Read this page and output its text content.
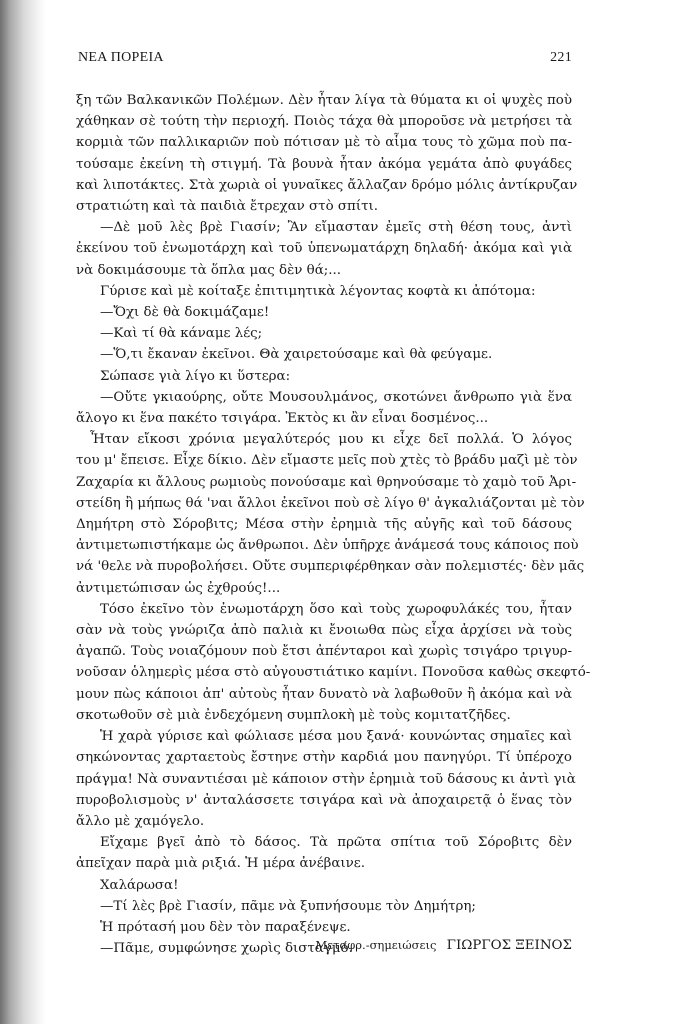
ΝΕΑ ΠΟΡΕΙΑ	221
ξη τῶν Βαλκανικῶν Πολέμων. Δὲν ἦταν λίγα τὰ θύματα κι οἱ ψυχὲς ποὺ
χάθηκαν σὲ τούτη τὴν περιοχή. Ποιὸς τάχα θὰ μποροῦσε νὰ μετρήσει τὰ
κορμιὰ τῶν παλλικαριῶν ποὺ πότισαν μὲ τὸ αἷμα τους τὸ χῶμα ποὺ πα-
τούσαμε ἐκείνη τὴ στιγμή. Τὰ βουνὰ ἦταν ἀκόμα γεμάτα ἀπὸ φυγάδες
καὶ λιποτάκτες. Στὰ χωριὰ οἱ γυναῖκες ἄλλαζαν δρόμο μόλις ἀντίκρυζαν
στρατιώτη καὶ τὰ παιδιὰ ἔτρεχαν στὸ σπίτι.
—Δὲ μοῦ λὲς βρὲ Γιασίν; Ἂν εἴμασταν ἐμεῖς στὴ θέση τους, ἀντὶ
ἐκείνου τοῦ ἐνωμοτάρχη καὶ τοῦ ὑπενωματάρχη δηλαδή· ἀκόμα καὶ γιὰ
νὰ δοκιμάσουμε τὰ ὅπλα μας δὲν θά;...
Γύρισε καὶ μὲ κοίταξε ἐπιτιμητικὰ λέγοντας κοφτὰ κι ἀπότομα:
—Ὄχι δὲ θὰ δοκιμάζαμε!
—Καὶ τί θὰ κάναμε λές;
—Ὅ,τι ἔκαναν ἐκεῖνοι. Θὰ χαιρετούσαμε καὶ θὰ φεύγαμε.
Σώπασε γιὰ λίγο κι ὕστερα:
—Οὔτε γκιαούρης, οὔτε Μουσουλμάνος, σκοτώνει ἄνθρωπο γιὰ ἕνα
ἄλογο κι ἕνα πακέτο τσιγάρα. Ἐκτὸς κι ἂν εἶναι δοσμένος...
Ἦταν εἴκοσι χρόνια μεγαλύτερός μου κι εἶχε δεῖ πολλά. Ὁ λόγος
του μ' ἔπεισε. Εἶχε δίκιο. Δὲν εἴμαστε μεῖς ποὺ χτὲς τὸ βράδυ μαζὶ μὲ τὸν
Ζαχαρία κι ἄλλους ρωμιοὺς πονούσαμε καὶ θρηνούσαμε τὸ χαμὸ τοῦ Ἀρι-
στείδη ἢ μήπως θά 'ναι ἄλλοι ἐκεῖνοι ποὺ σὲ λίγο θ' ἀγκαλιάζονται μὲ τὸν
Δημήτρη στὸ Σόροβιτς; Μέσα στὴν ἐρημιὰ τῆς αὐγῆς καὶ τοῦ δάσους
ἀντιμετωπιστήκαμε ὡς ἄνθρωποι. Δὲν ὑπῆρχε ἀνάμεσά τους κάποιος ποὺ
νά 'θελε νὰ πυροβολήσει. Οὔτε συμπεριφέρθηκαν σὰν πολεμιστές· δὲν μᾶς
ἀντιμετώπισαν ὡς ἐχθρούς!...
Τόσο ἐκεῖνο τὸν ἐνωμοτάρχη ὅσο καὶ τοὺς χωροφυλάκές του, ἦταν
σὰν νὰ τοὺς γνώριζα ἀπὸ παλιὰ κι ἔνοιωθα πὼς εἶχα ἀρχίσει νὰ τοὺς
ἀγαπῶ. Τοὺς νοιαζόμουν ποὺ ἔτσι ἀπένταροι καὶ χωρὶς τσιγάρο τριγυρ-
νοῦσαν ὁλημερὶς μέσα στὸ αὐγουστιάτικο καμίνι. Πονοῦσα καθὼς σκεφτό-
μουν πὼς κάποιοι ἀπ' αὐτοὺς ἦταν δυνατὸ νὰ λαβωθοῦν ἢ ἀκόμα καὶ νὰ
σκοτωθοῦν σὲ μιὰ ἐνδεχόμενη συμπλοκὴ μὲ τοὺς κομιτατζῆδες.
Ἡ χαρὰ γύρισε καὶ φώλιασε μέσα μου ξανά· κουνώντας σημαῖες καὶ
σηκώνοντας χαρταετοὺς ἔστηνε στὴν καρδιά μου πανηγύρι. Τί ὑπέροχο
πράγμα! Νὰ συναντιέσαι μὲ κάποιον στὴν ἐρημιὰ τοῦ δάσους κι ἀντὶ γιὰ
πυροβολισμοὺς ν' ἀνταλάσσετε τσιγάρα καὶ νὰ ἀποχαιρετᾷ ὁ ἕνας τὸν
ἄλλο μὲ χαμόγελο.
Εἴχαμε βγεῖ ἀπὸ τὸ δάσος. Τὰ πρῶτα σπίτια τοῦ Σόροβιτς δὲν
ἀπεῖχαν παρὰ μιὰ ριξιά. Ἡ μέρα ἀνέβαινε.
Χαλάρωσα!
—Τί λὲς βρὲ Γιασίν, πᾶμε νὰ ξυπνήσουμε τὸν Δημήτρη;
Ἡ πρότασή μου δὲν τὸν παραξένεψε.
—Πᾶμε, συμφώνησε χωρὶς δισταγμό.
Μεταφρ.-σημειώσεις ΓΙΩΡΓΟΣ ΞΕΙΝΟΣ
